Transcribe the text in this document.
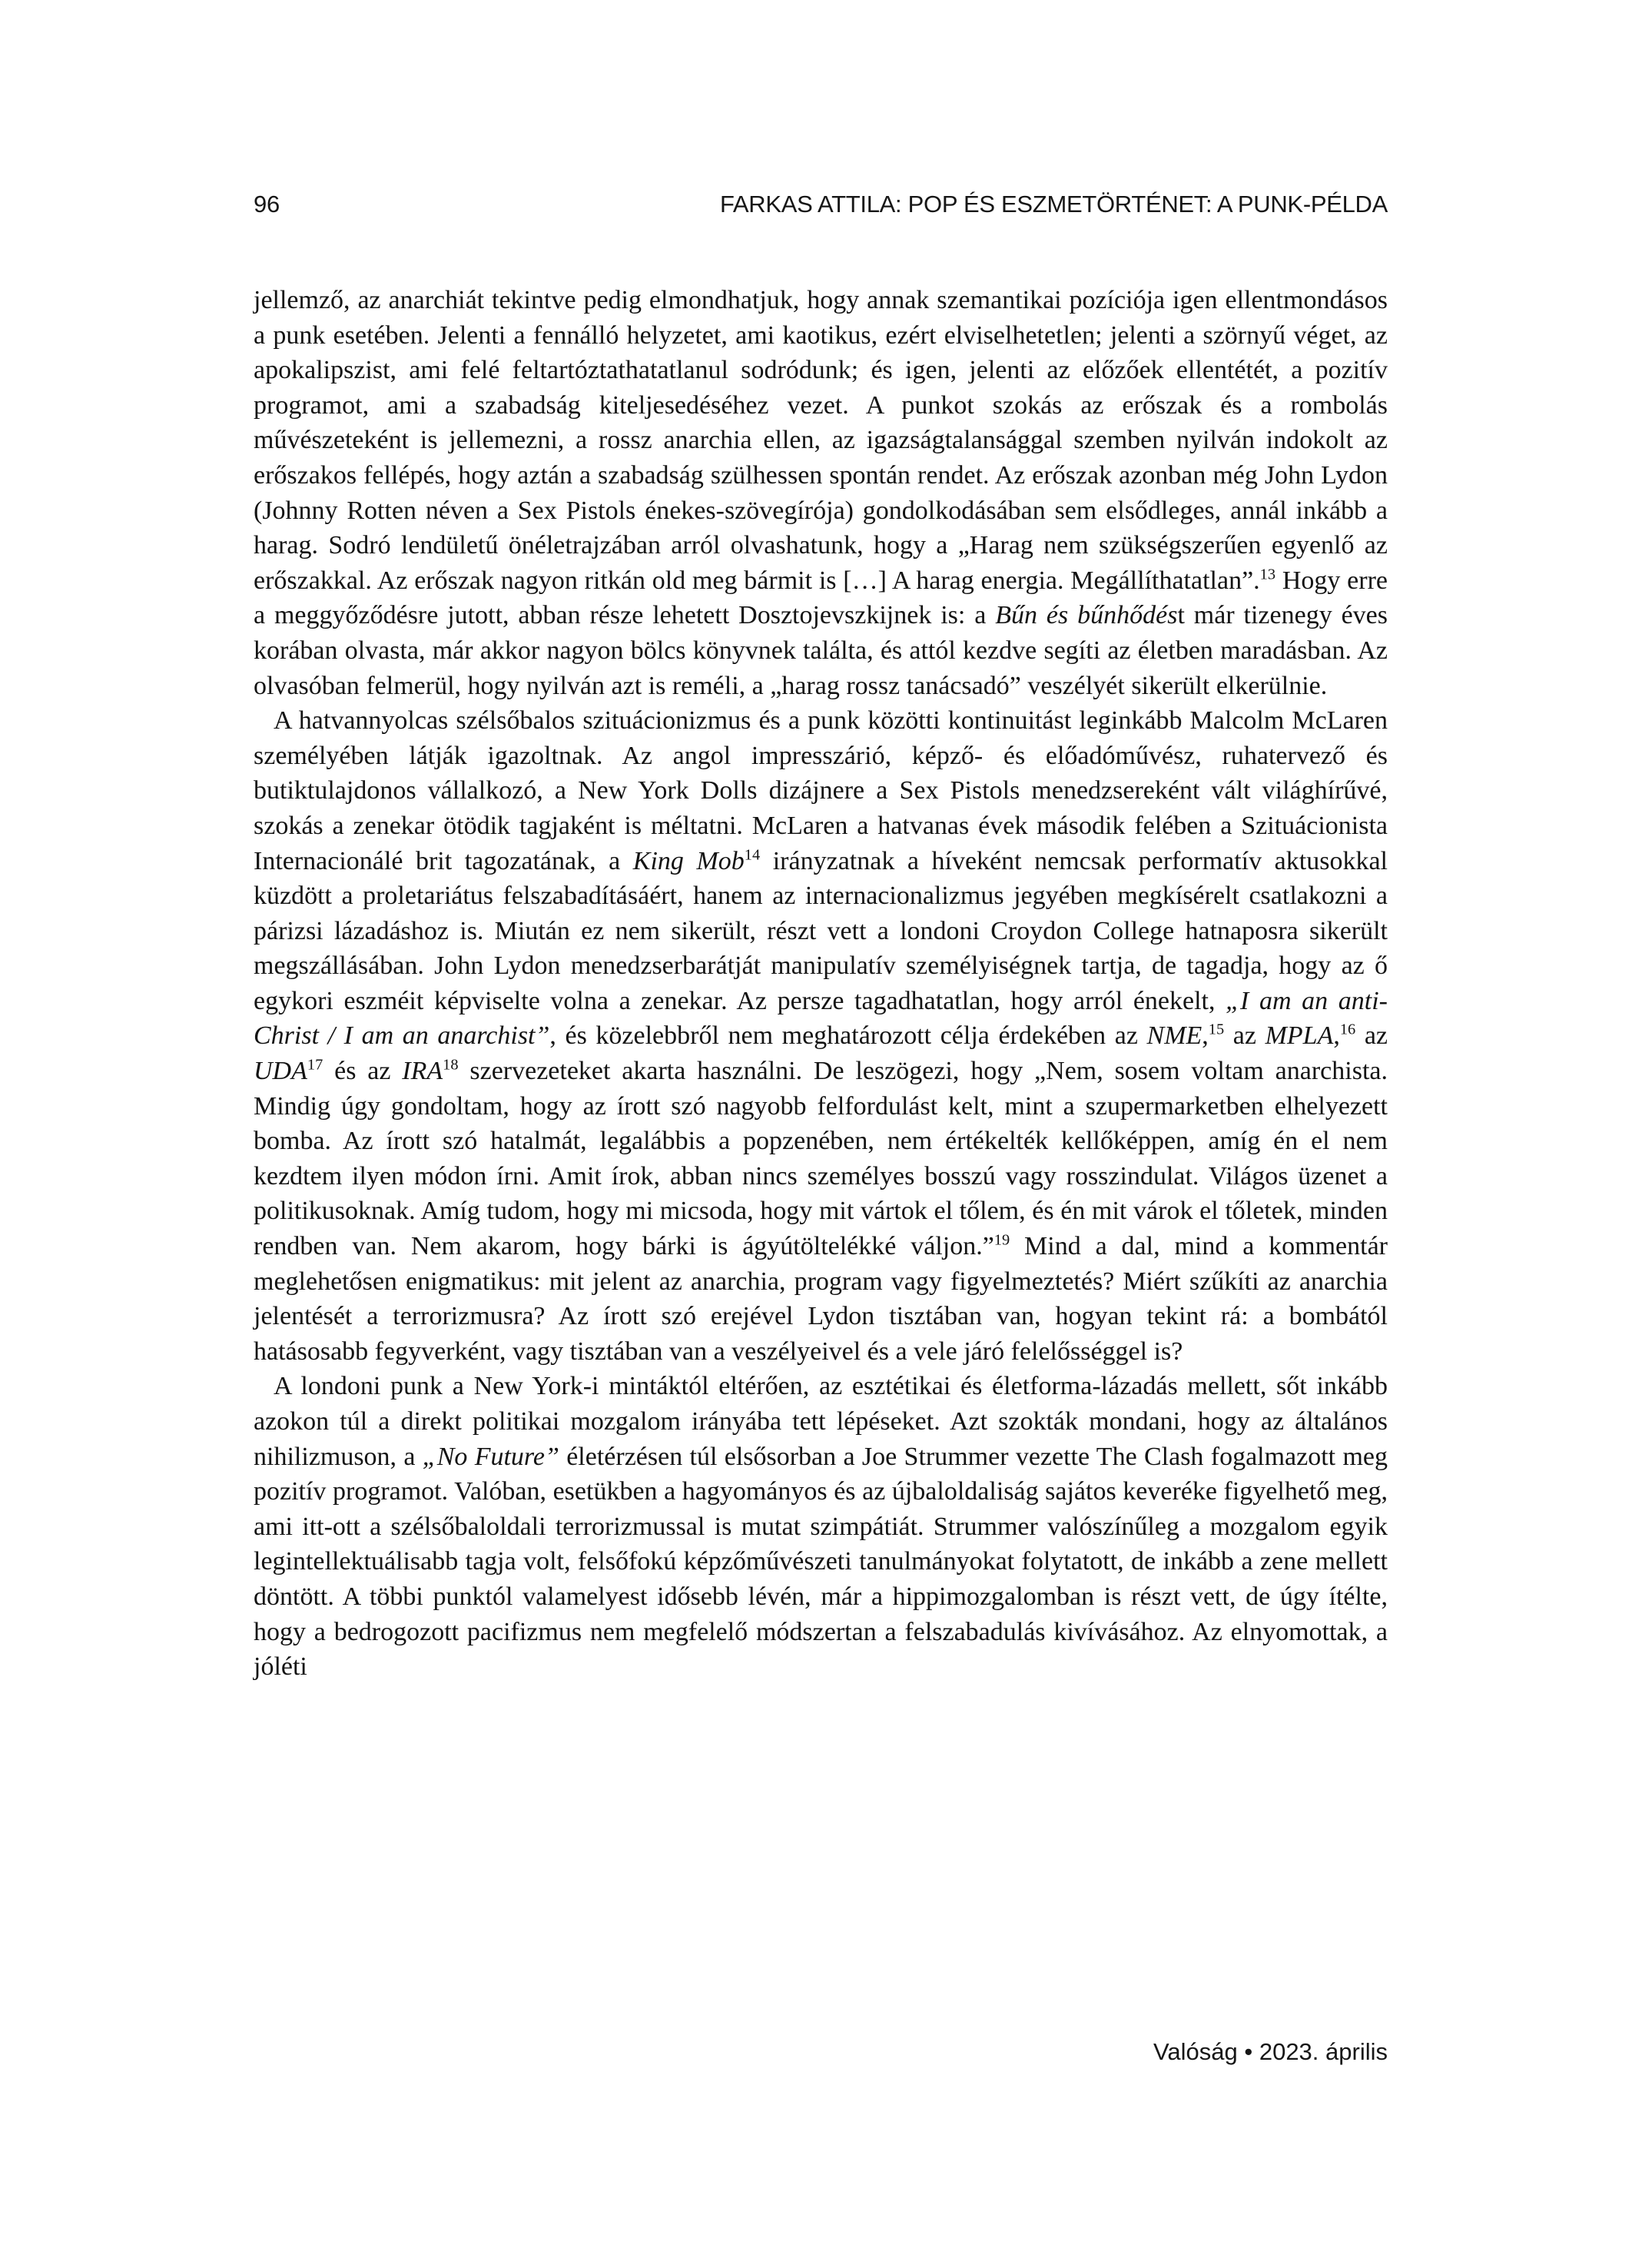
96	FARKAS ATTILA: POP ÉS ESZMETÖRTÉNET: A PUNK-PÉLDA

jellemző, az anarchiát tekintve pedig elmondhatjuk, hogy annak szemantikai pozíciója igen ellentmondásos a punk esetében. Jelenti a fennálló helyzetet, ami kaotikus, ezért elviselhetetlen; jelenti a szörnyű véget, az apokalipszist, ami felé feltartóztathatatlanul sodródunk; és igen, jelenti az előzőek ellentétét, a pozitív programot, ami a szabadság kiteljesedéséhez vezet. A punkot szokás az erőszak és a rombolás művészeteként is jellemezni, a rossz anarchia ellen, az igazságtalansággal szemben nyilván indokolt az erőszakos fellépés, hogy aztán a szabadság szülhessen spontán rendet. Az erőszak azonban még John Lydon (Johnny Rotten néven a Sex Pistols énekes-szövegírója) gondolkodásában sem elsődleges, annál inkább a harag. Sodró lendületű önéletrajzában arról olvashatunk, hogy a „Harag nem szükségszerűen egyenlő az erőszakkal. Az erőszak nagyon ritkán old meg bármit is […] A harag energia. Megállíthatatlan”.$^{13}$ Hogy erre a meggyőződésre jutott, abban része lehetett Dosztojevszkijnek is: a Bűn és bűnhődést már tizenegy éves korában olvasta, már akkor nagyon bölcs könyvnek találta, és attól kezdve segíti az életben maradásban. Az olvasóban felmerül, hogy nyilván azt is reméli, a „harag rossz tanácsadó” veszélyét sikerült elkerülnie.

A hatvannyolcas szélsőbalos szituácionizmus és a punk közötti kontinuitást leginkább Malcolm McLaren személyében látják igazoltnak. Az angol impresszárió, képző- és előadóművész, ruhatervező és butiktulajdonos vállalkozó, a New York Dolls dizájnere a Sex Pistols menedzsereként vált világhírűvé, szokás a zenekar ötödik tagjaként is méltatni. McLaren a hatvanas évek második felében a Szituácionista Internacionálé brit tagozatának, a King Mob$^{14}$ irányzatnak a híveként nemcsak performatív aktusokkal küzdött a proletariátus felszabadításáért, hanem az internacionalizmus jegyében megkísérelt csatlakozni a párizsi lázadáshoz is. Miután ez nem sikerült, részt vett a londoni Croydon College hatnaposra sikerült megszállásában. John Lydon menedzserbarátját manipulatív személyiségnek tartja, de tagadja, hogy az ő egykori eszméit képviselte volna a zenekar. Az persze tagadhatatlan, hogy arról énekelt, „I am an anti-Christ / I am an anarchist”, és közelebbről nem meghatározott célja érdekében az NME,$^{15}$ az MPLA,$^{16}$ az UDA$^{17}$ és az IRA$^{18}$ szervezeteket akarta használni. De leszögezi, hogy „Nem, sosem voltam anarchista. Mindig úgy gondoltam, hogy az írott szó nagyobb felfordulást kelt, mint a szupermarketben elhelyezett bomba. Az írott szó hatalmát, legalábbis a popzenében, nem értékelték kellőképpen, amíg én el nem kezdtem ilyen módon írni. Amit írok, abban nincs személyes bosszú vagy rosszindulat. Világos üzenet a politikusoknak. Amíg tudom, hogy mi micsoda, hogy mit vártok el tőlem, és én mit várok el tőletek, minden rendben van. Nem akarom, hogy bárki is ágyútöltelékké váljon.”$^{19}$ Mind a dal, mind a kommentár meglehetősen enigmatikus: mit jelent az anarchia, program vagy figyelmeztetés? Miért szűkíti az anarchia jelentését a terrorizmusra? Az írott szó erejével Lydon tisztában van, hogyan tekint rá: a bombától hatásosabb fegyverként, vagy tisztában van a veszélyeivel és a vele járó felelősséggel is?

A londoni punk a New York-i mintáktól eltérően, az esztétikai és életforma-lázadás mellett, sőt inkább azokon túl a direkt politikai mozgalom irányába tett lépéseket. Azt szokták mondani, hogy az általános nihilizmuson, a „No Future” életérzésen túl elsősorban a Joe Strummer vezette The Clash fogalmazott meg pozitív programot. Valóban, esetükben a hagyományos és az újbaloldaliság sajátos keveréke figyelhető meg, ami itt-ott a szélsőbaloldali terrorizmussal is mutat szimpátiát. Strummer valószínűleg a mozgalom egyik legintellektuálisabb tagja volt, felsőfokú képzőművészeti tanulmányokat folytatott, de inkább a zene mellett döntött. A többi punktól valamelyest idősebb lévén, már a hippimozgalomban is részt vett, de úgy ítélte, hogy a bedrogozott pacifizmus nem megfelelő módszertan a felszabadulás kivívásához. Az elnyomottak, a jóléti

Valóság • 2023. április
